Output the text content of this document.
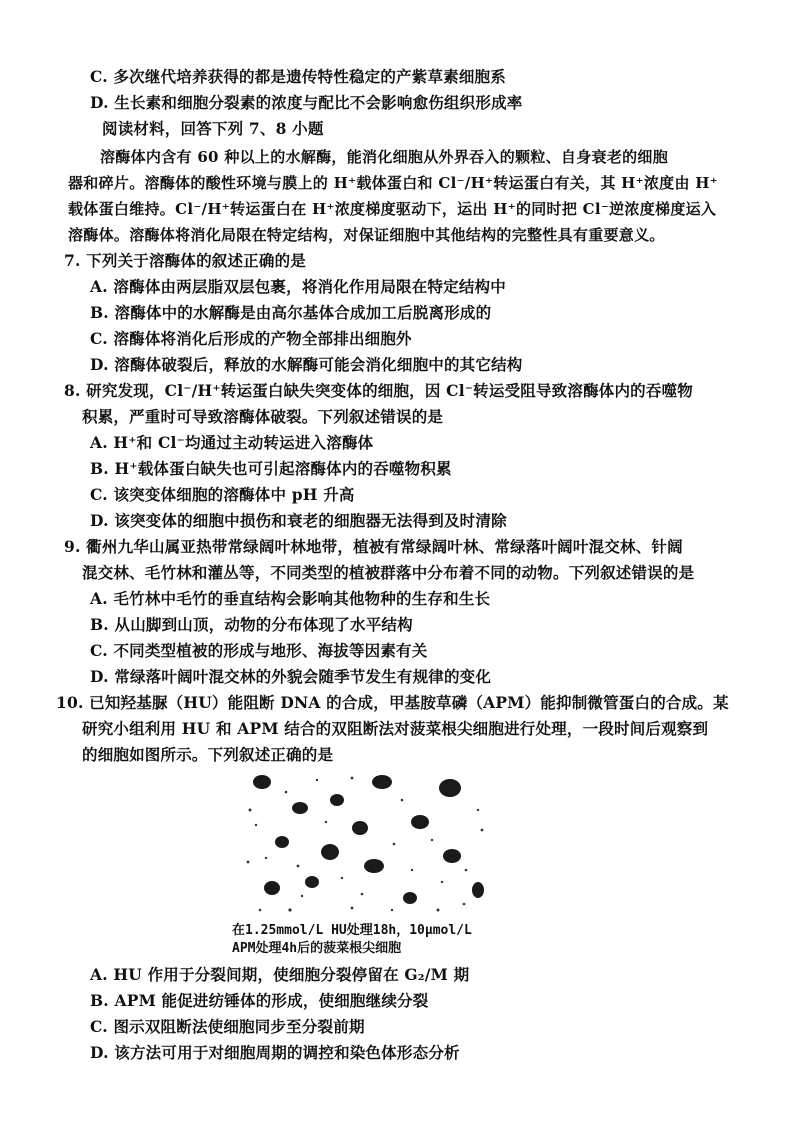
C. 多次继代培养获得的都是遗传特性稳定的产紫草素细胞系
D. 生长素和细胞分裂素的浓度与配比不会影响愈伤组织形成率
阅读材料，回答下列 7、8 小题
溶酶体内含有 60 种以上的水解酶，能消化细胞从外界吞入的颗粒、自身衰老的细胞
器和碎片。溶酶体的酸性环境与膜上的 H⁺载体蛋白和 Cl⁻/H⁺转运蛋白有关，其 H⁺浓度由 H⁺
载体蛋白维持。Cl⁻/H⁺转运蛋白在 H⁺浓度梯度驱动下，运出 H⁺的同时把 Cl⁻逆浓度梯度运入
溶酶体。溶酶体将消化局限在特定结构，对保证细胞中其他结构的完整性具有重要意义。
7. 下列关于溶酶体的叙述正确的是
A. 溶酶体由两层脂双层包裹，将消化作用局限在特定结构中
B. 溶酶体中的水解酶是由高尔基体合成加工后脱离形成的
C. 溶酶体将消化后形成的产物全部排出细胞外
D. 溶酶体破裂后，释放的水解酶可能会消化细胞中的其它结构
8. 研究发现，Cl⁻/H⁺转运蛋白缺失突变体的细胞，因 Cl⁻转运受阻导致溶酶体内的吞噬物
积累，严重时可导致溶酶体破裂。下列叙述错误的是
A. H⁺和 Cl⁻均通过主动转运进入溶酶体
B. H⁺载体蛋白缺失也可引起溶酶体内的吞噬物积累
C. 该突变体细胞的溶酶体中 pH 升高
D. 该突变体的细胞中损伤和衰老的细胞器无法得到及时清除
9. 衢州九华山属亚热带常绿阔叶林地带，植被有常绿阔叶林、常绿落叶阔叶混交林、针阔
混交林、毛竹林和灌丛等，不同类型的植被群落中分布着不同的动物。下列叙述错误的是
A. 毛竹林中毛竹的垂直结构会影响其他物种的生存和生长
B. 从山脚到山顶，动物的分布体现了水平结构
C. 不同类型植被的形成与地形、海拔等因素有关
D. 常绿落叶阔叶混交林的外貌会随季节发生有规律的变化
10. 已知羟基脲（HU）能阻断 DNA 的合成，甲基胺草磷（APM）能抑制微管蛋白的合成。某
研究小组利用 HU 和 APM 结合的双阻断法对菠菜根尖细胞进行处理，一段时间后观察到
的细胞如图所示。下列叙述正确的是
在1.25mmol/L HU处理18h，10μmol/L
APM处理4h后的菠菜根尖细胞
A. HU 作用于分裂间期，使细胞分裂停留在 G₂/M 期
B. APM 能促进纺锤体的形成，使细胞继续分裂
C. 图示双阻断法使细胞同步至分裂前期
D. 该方法可用于对细胞周期的调控和染色体形态分析
